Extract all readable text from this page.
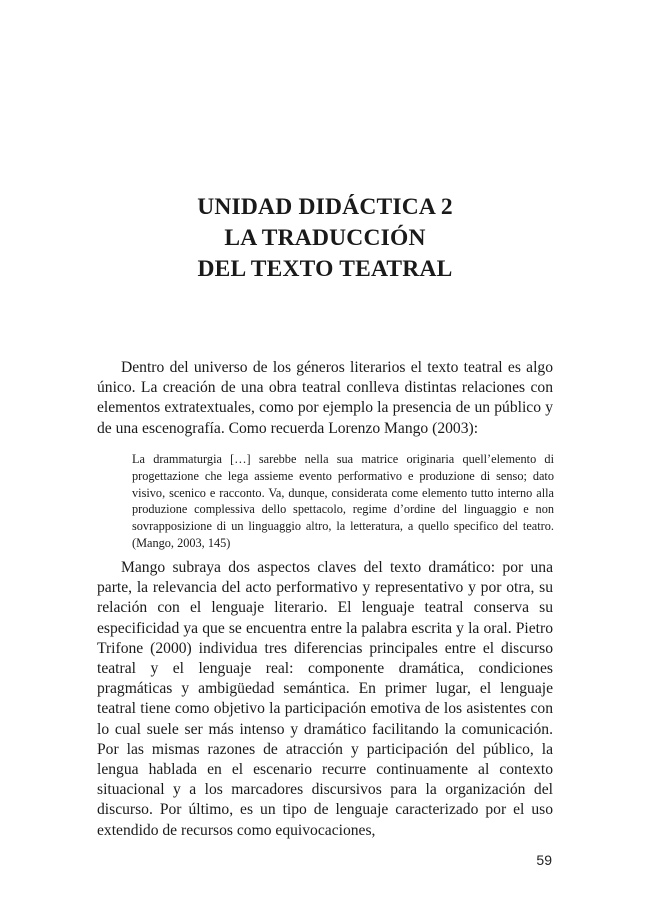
UNIDAD DIDÁCTICA 2
LA TRADUCCIÓN
DEL TEXTO TEATRAL

Dentro del universo de los géneros literarios el texto teatral es algo único. La creación de una obra teatral conlleva distintas relaciones con elementos extratextuales, como por ejemplo la presencia de un público y de una escenografía. Como recuerda Lorenzo Mango (2003):

La drammaturgia […] sarebbe nella sua matrice originaria quell’elemento di progettazione che lega assieme evento performativo e produzione di senso; dato visivo, scenico e racconto. Va, dunque, considerata come elemento tutto interno alla produzione complessiva dello spettacolo, regime d’ordine del linguaggio e non sovrapposizione di un linguaggio altro, la letteratura, a quello specifico del teatro. (Mango, 2003, 145)

Mango subraya dos aspectos claves del texto dramático: por una parte, la relevancia del acto performativo y representativo y por otra, su relación con el lenguaje literario. El lenguaje teatral conserva su especificidad ya que se encuentra entre la palabra escrita y la oral. Pietro Trifone (2000) individua tres diferencias principales entre el discurso teatral y el lenguaje real: componente dramática, condiciones pragmáticas y ambigüedad semántica. En primer lugar, el lenguaje teatral tiene como objetivo la participación emotiva de los asistentes con lo cual suele ser más intenso y dramático facilitando la comunicación. Por las mismas razones de atracción y participación del público, la lengua hablada en el escenario recurre continuamente al contexto situacional y a los marcadores discursivos para la organización del discurso. Por último, es un tipo de lenguaje caracterizado por el uso extendido de recursos como equivocaciones,

59
